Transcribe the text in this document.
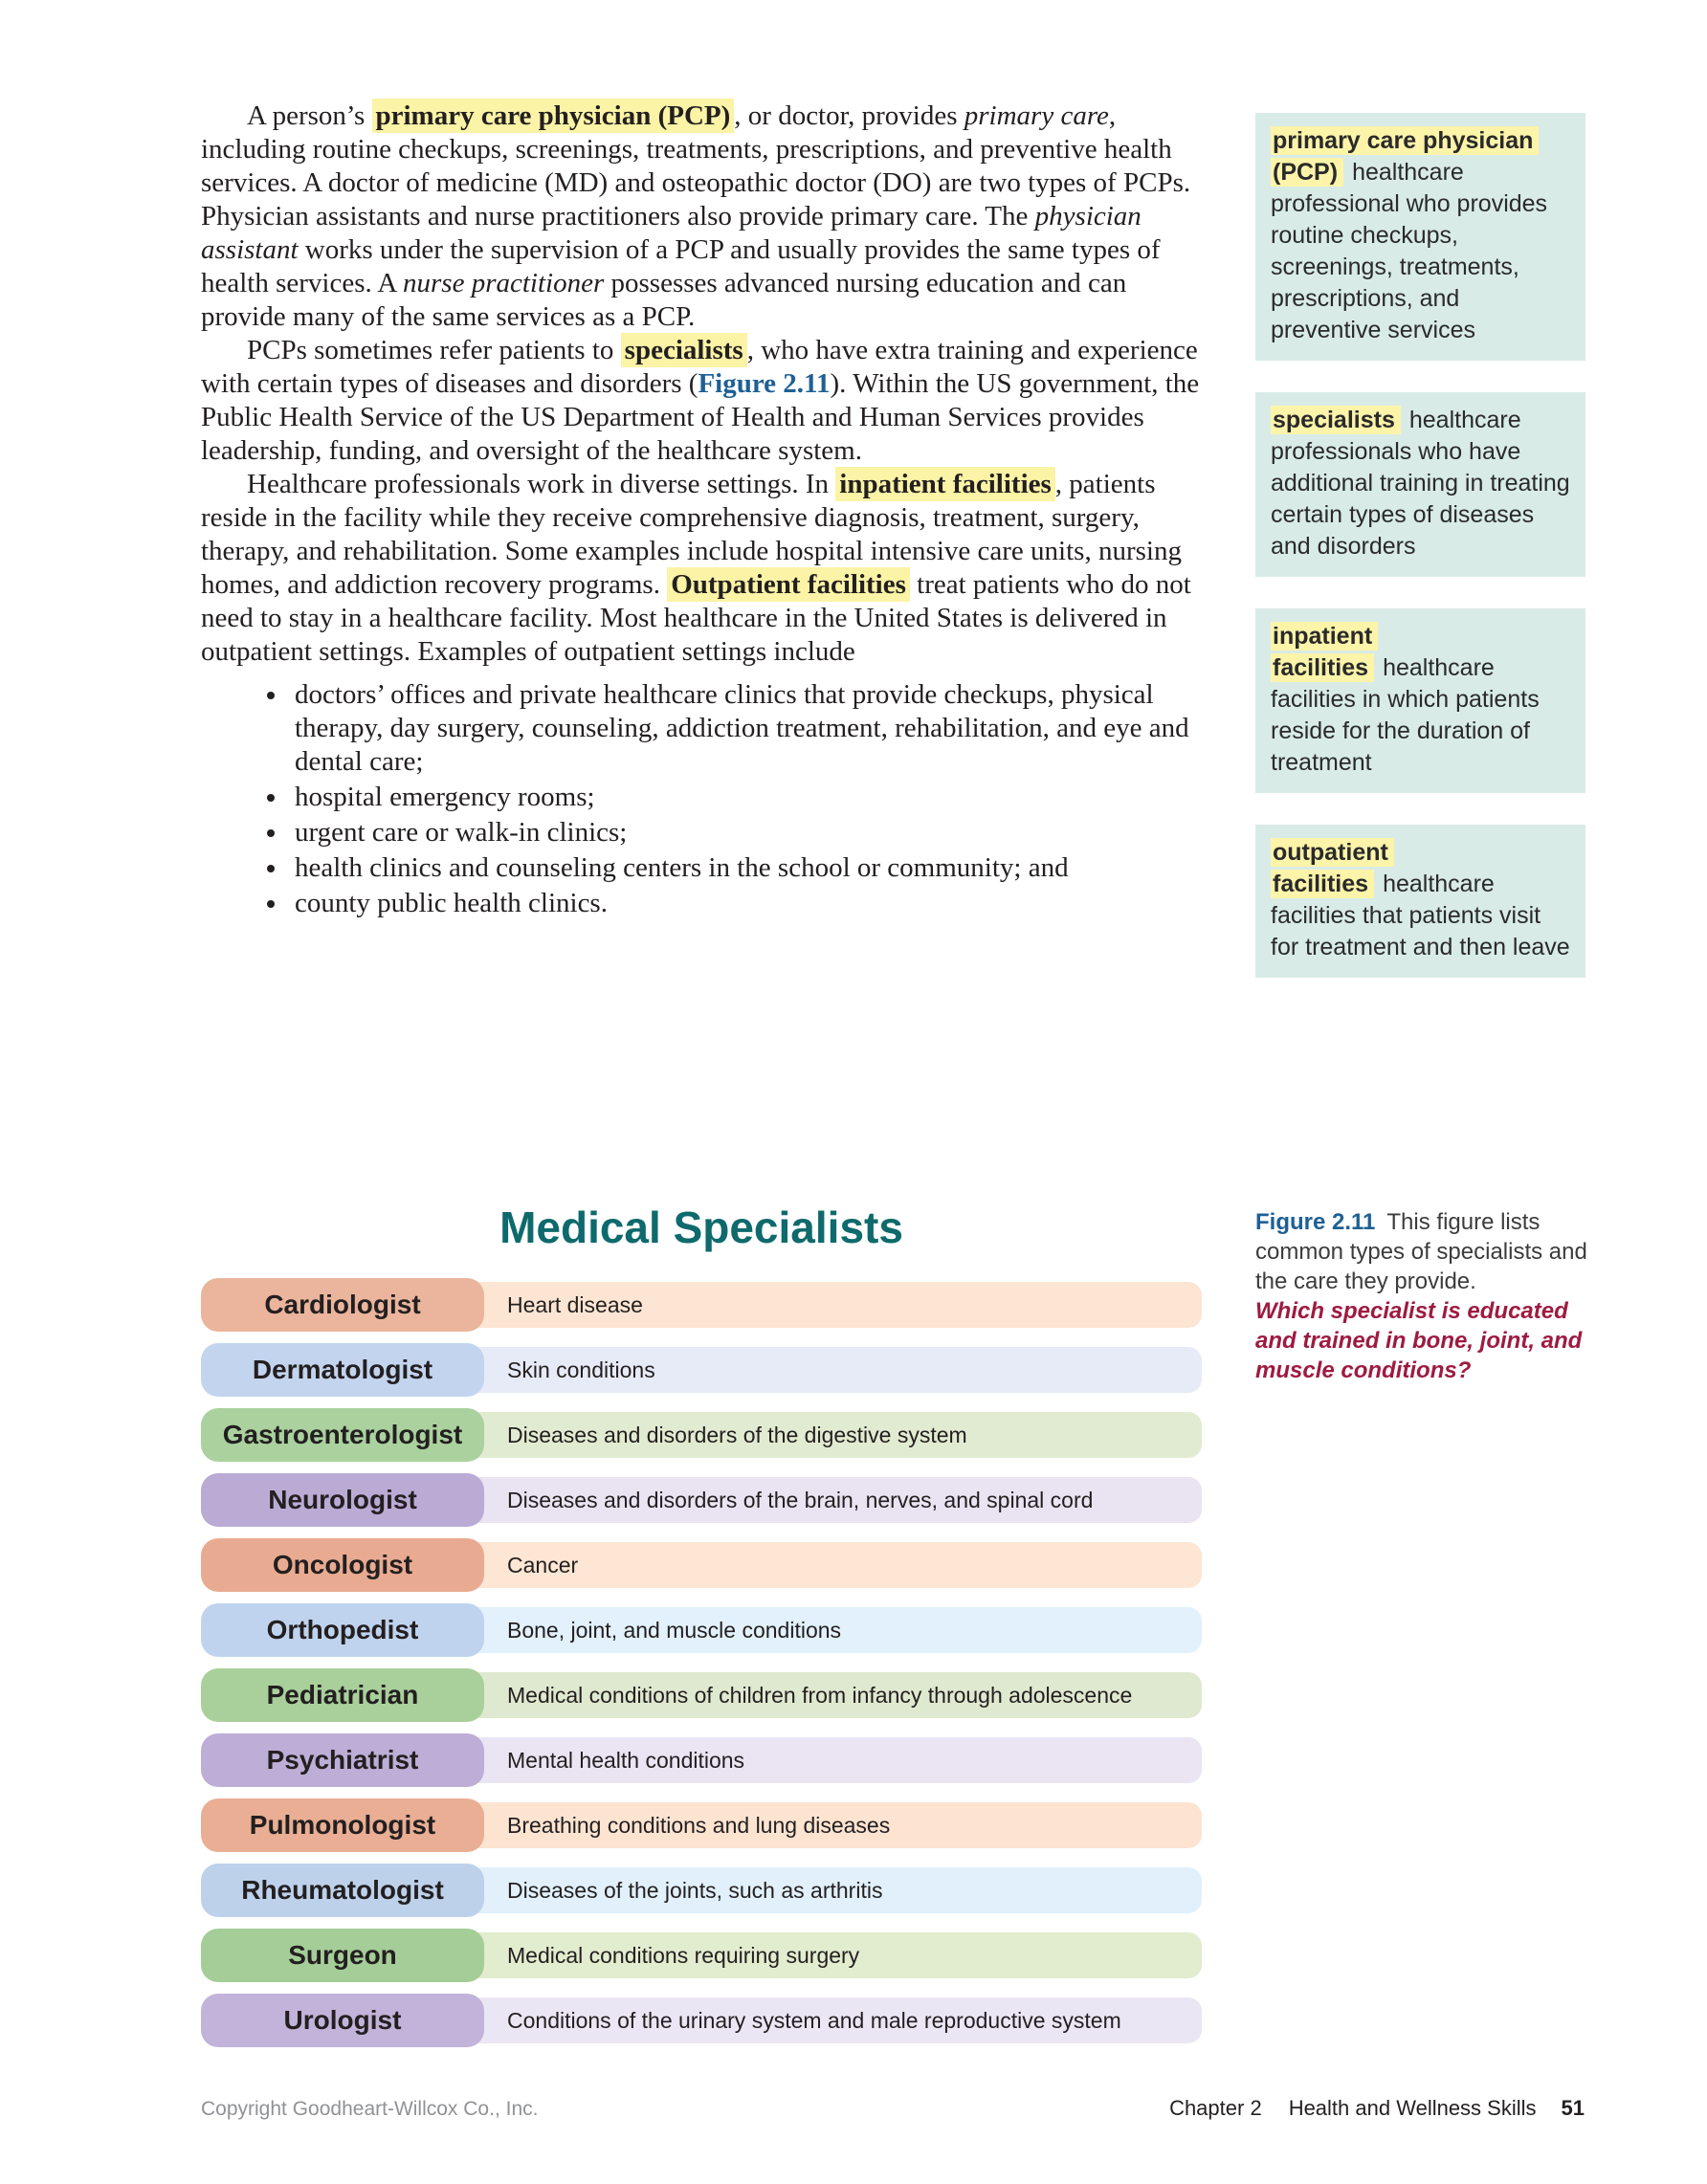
A person’s primary care physician (PCP) , or doctor, provides primary care, including routine checkups, screenings, treatments, prescriptions, and preventive health services. A doctor of medicine (MD) and osteopathic doctor (DO) are two types of PCPs. Physician assistants and nurse practitioners also provide primary care. The physician assistant works under the supervision of a PCP and usually provides the same types of health services. A nurse practitioner possesses advanced nursing education and can provide many of the same services as a PCP.

PCPs sometimes refer patients to specialists , who have extra training and experience with certain types of diseases and disorders (Figure 2.11). Within the US government, the Public Health Service of the US Department of Health and Human Services provides leadership, funding, and oversight of the healthcare system.

Healthcare professionals work in diverse settings. In inpatient facilities , patients reside in the facility while they receive comprehensive diagnosis, treatment, surgery, therapy, and rehabilitation. Some examples include hospital intensive care units, nursing homes, and addiction recovery programs. Outpatient facilities treat patients who do not need to stay in a healthcare facility. Most healthcare in the United States is delivered in outpatient settings. Examples of outpatient settings include

• doctors’ offices and private healthcare clinics that provide checkups, physical therapy, day surgery, counseling, addiction treatment, rehabilitation, and eye and dental care;
• hospital emergency rooms;
• urgent care or walk-in clinics;
• health clinics and counseling centers in the school or community; and
• county public health clinics.
primary care physician (PCP) healthcare professional who provides routine checkups, screenings, treatments, prescriptions, and preventive services
specialists healthcare professionals who have additional training in treating certain types of diseases and disorders
inpatient facilities healthcare facilities in which patients reside for the duration of treatment
outpatient facilities healthcare facilities that patients visit for treatment and then leave
Medical Specialists
Heart disease
Cardiologist
Skin conditions
Dermatologist
Diseases and disorders of the digestive system
Gastroenterologist
Diseases and disorders of the brain, nerves, and spinal cord
Neurologist
Cancer
Oncologist
Bone, joint, and muscle conditions
Orthopedist
Medical conditions of children from infancy through adolescence
Pediatrician
Mental health conditions
Psychiatrist
Breathing conditions and lung diseases
Pulmonologist
Diseases of the joints, such as arthritis
Rheumatologist
Medical conditions requiring surgery
Surgeon
Conditions of the urinary system and male reproductive system
Urologist
Figure 2.11 This figure lists common types of specialists and the care they provide.
Which specialist is educated and trained in bone, joint, and muscle conditions?
Copyright Goodheart-Willcox Co., Inc.	Chapter 2 Health and Wellness Skills 51
